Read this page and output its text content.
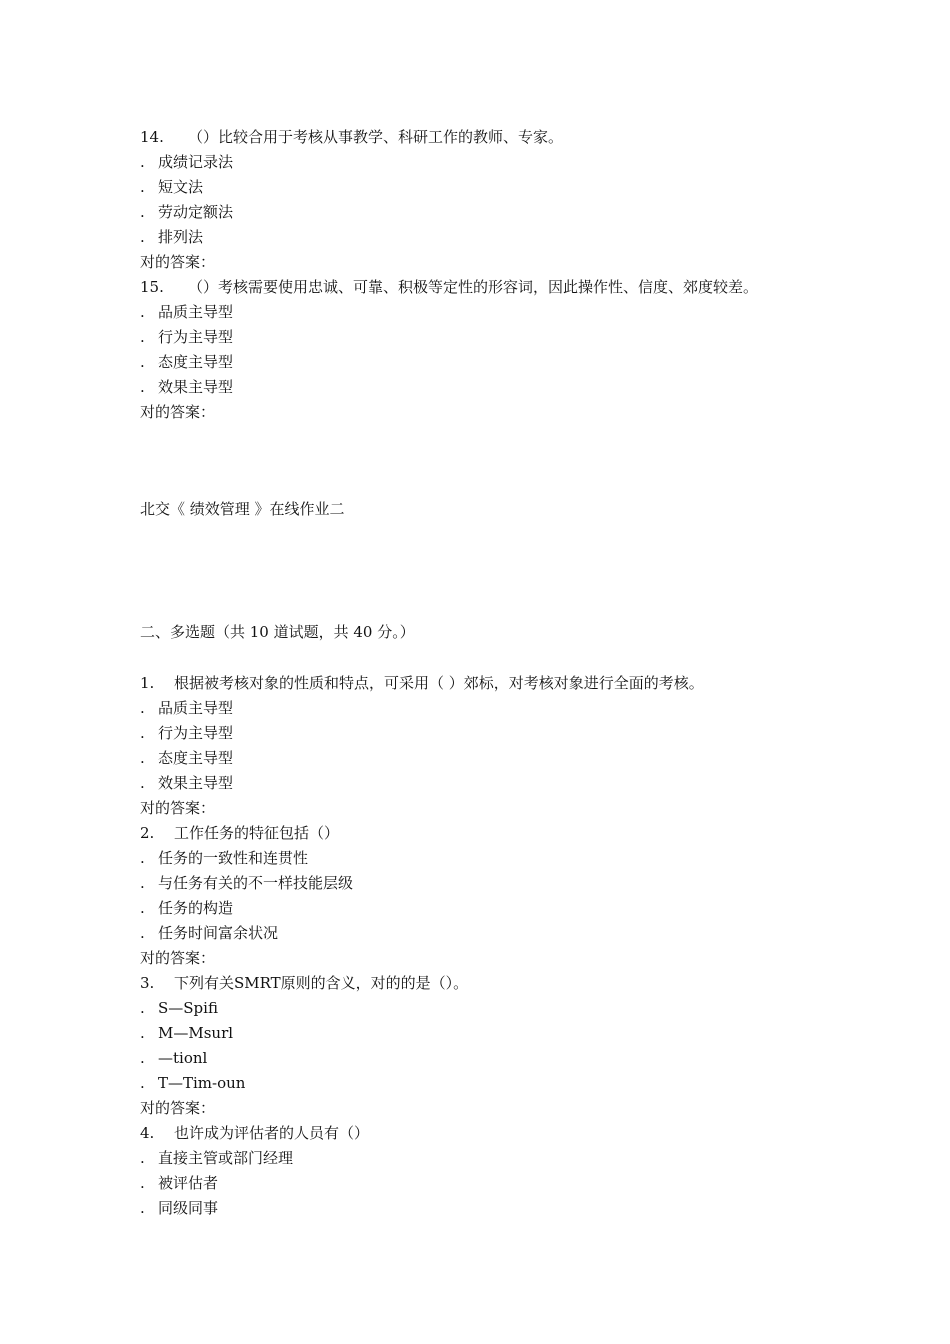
14.	（）比较合用于考核从事教学、科研工作的教师、专家。
. 成绩记录法
. 短文法
. 劳动定额法
. 排列法
对的答案：
15.	（）考核需要使用忠诚、可靠、积极等定性的形容词，因此操作性、信度、郊度较差。
. 品质主导型
. 行为主导型
. 态度主导型
. 效果主导型
对的答案：
北交《 绩效管理 》在线作业二
二、多选题（共 10 道试题，共 40 分。）
1.	根据被考核对象的性质和特点，可采用（ ）郊标，对考核对象进行全面的考核。
. 品质主导型
. 行为主导型
. 态度主导型
. 效果主导型
对的答案：
2.	工作任务的特征包括（）
. 任务的一致性和连贯性
. 与任务有关的不一样技能层级
. 任务的构造
. 任务时间富余状况
对的答案：
3.	下列有关SMRT原则的含义，对的的是（）。
. S—Spifi
. M—Msurl
. —tionl
. T—Tim-oun
对的答案：
4.	也许成为评估者的人员有（）
. 直接主管或部门经理
. 被评估者
. 同级同事
